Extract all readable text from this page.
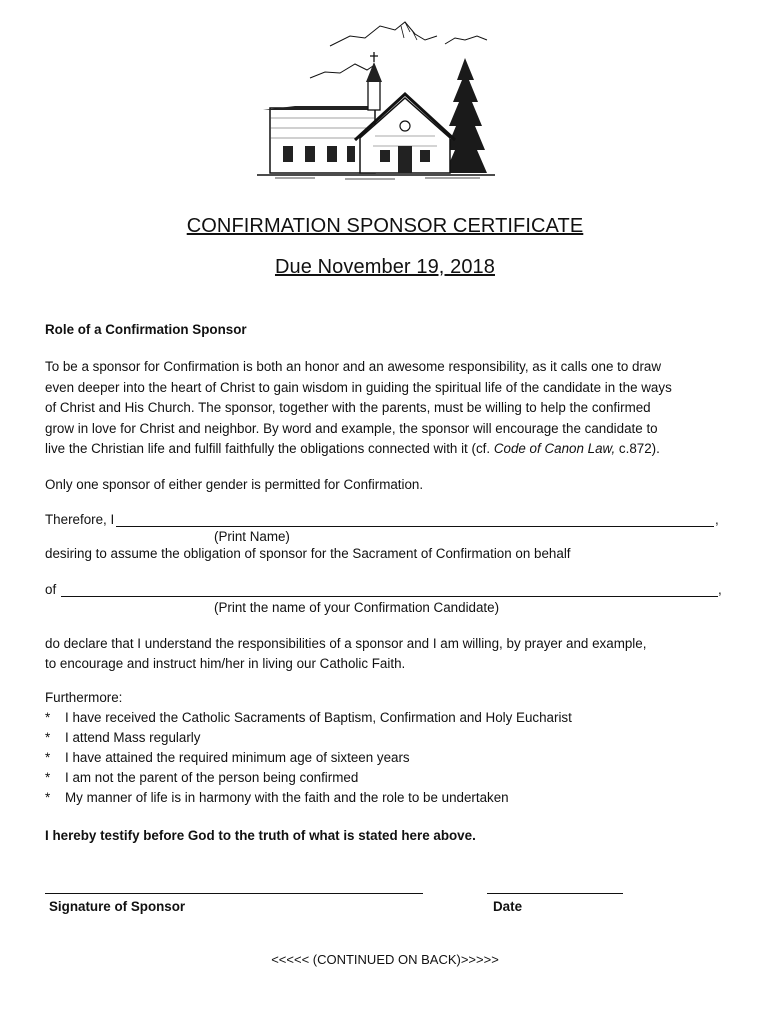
CONFIRMATION SPONSOR CERTIFICATE
Due November 19, 2018
Role of a Confirmation Sponsor

To be a sponsor for Confirmation is both an honor and an awesome responsibility, as it calls one to draw

even deeper into the heart of Christ to gain wisdom in guiding the spiritual life of the candidate in the ways

of Christ and His Church. The sponsor, together with the parents, must be willing to help the confirmed

grow in love for Christ and neighbor. By word and example, the sponsor will encourage the candidate to

live the Christian life and fulfill faithfully the obligations connected with it (cf. Code of Canon Law, c.872).

Only one sponsor of either gender is permitted for Confirmation.
Therefore, I	,
(Print Name)
desiring to assume the obligation of sponsor for the Sacrament of Confirmation on behalf
of	,
(Print the name of your Confirmation Candidate)

do declare that I understand the responsibilities of a sponsor and I am willing, by prayer and example,

to encourage and instruct him/her in living our Catholic Faith.

Furthermore:
* I have received the Catholic Sacraments of Baptism, Confirmation and Holy Eucharist
* I attend Mass regularly
* I have attained the required minimum age of sixteen years
* I am not the parent of the person being confirmed
* My manner of life is in harmony with the faith and the role to be undertaken
I hereby testify before God to the truth of what is stated here above.
Signature of Sponsor	Date
<<<<< (CONTINUED ON BACK)>>>>>
